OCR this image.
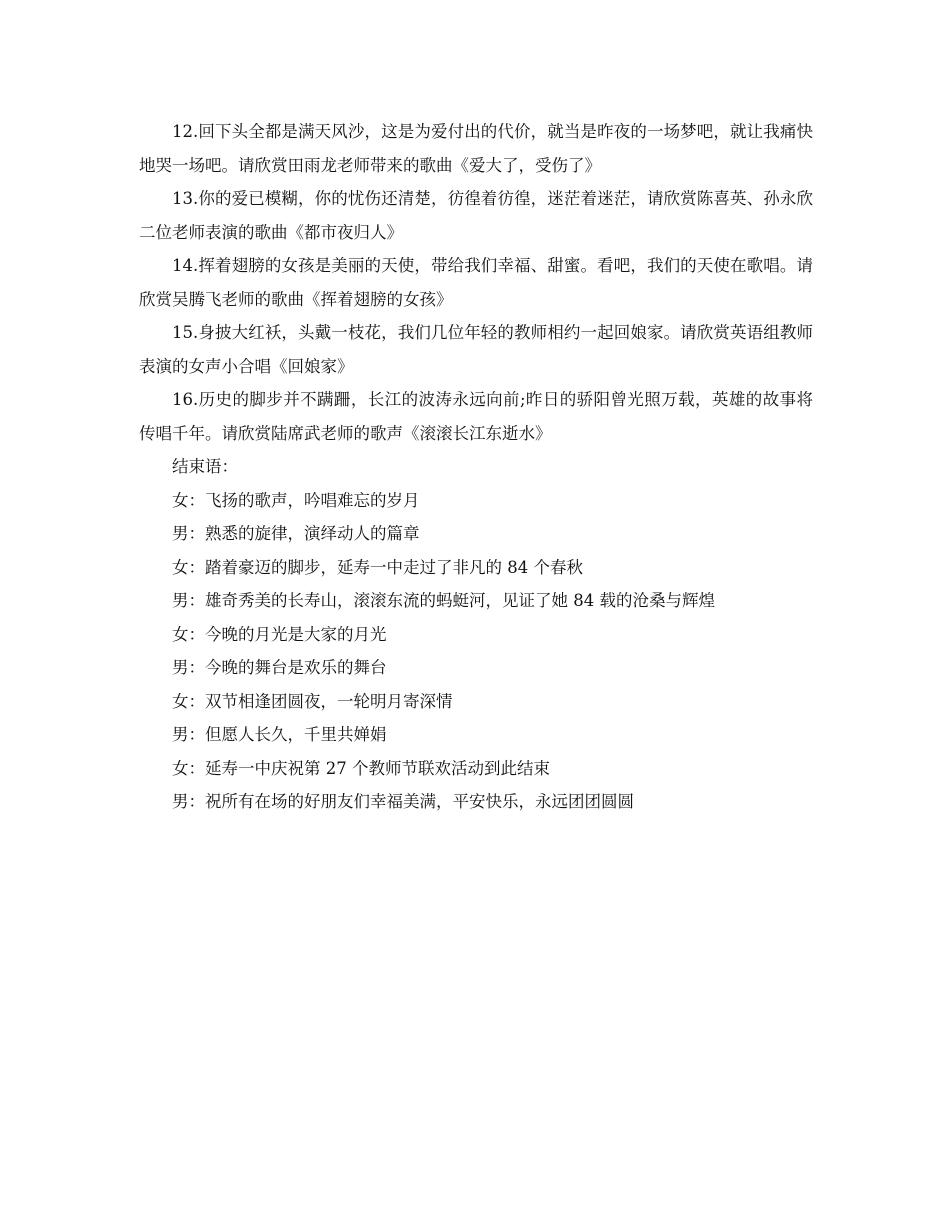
12.回下头全都是满天风沙，这是为爱付出的代价，就当是昨夜的一场梦吧，就让我痛快地哭一场吧。请欣赏田雨龙老师带来的歌曲《爱大了，受伤了》

13.你的爱已模糊，你的忧伤还清楚，彷徨着彷徨，迷茫着迷茫，请欣赏陈喜英、孙永欣二位老师表演的歌曲《都市夜归人》

14.挥着翅膀的女孩是美丽的天使，带给我们幸福、甜蜜。看吧，我们的天使在歌唱。请欣赏吴腾飞老师的歌曲《挥着翅膀的女孩》

15.身披大红袄，头戴一枝花，我们几位年轻的教师相约一起回娘家。请欣赏英语组教师表演的女声小合唱《回娘家》

16.历史的脚步并不蹒跚，长江的波涛永远向前;昨日的骄阳曾光照万载，英雄的故事将传唱千年。请欣赏陆席武老师的歌声《滚滚长江东逝水》

结束语：

女：飞扬的歌声，吟唱难忘的岁月

男：熟悉的旋律，演绎动人的篇章

女：踏着豪迈的脚步，延寿一中走过了非凡的 84 个春秋

男：雄奇秀美的长寿山，滚滚东流的蚂蜓河，见证了她 84 载的沧桑与辉煌

女：今晚的月光是大家的月光

男：今晚的舞台是欢乐的舞台

女：双节相逢团圆夜，一轮明月寄深情

男：但愿人长久，千里共婵娟

女：延寿一中庆祝第 27 个教师节联欢活动到此结束

男：祝所有在场的好朋友们幸福美满，平安快乐，永远团团圆圆
